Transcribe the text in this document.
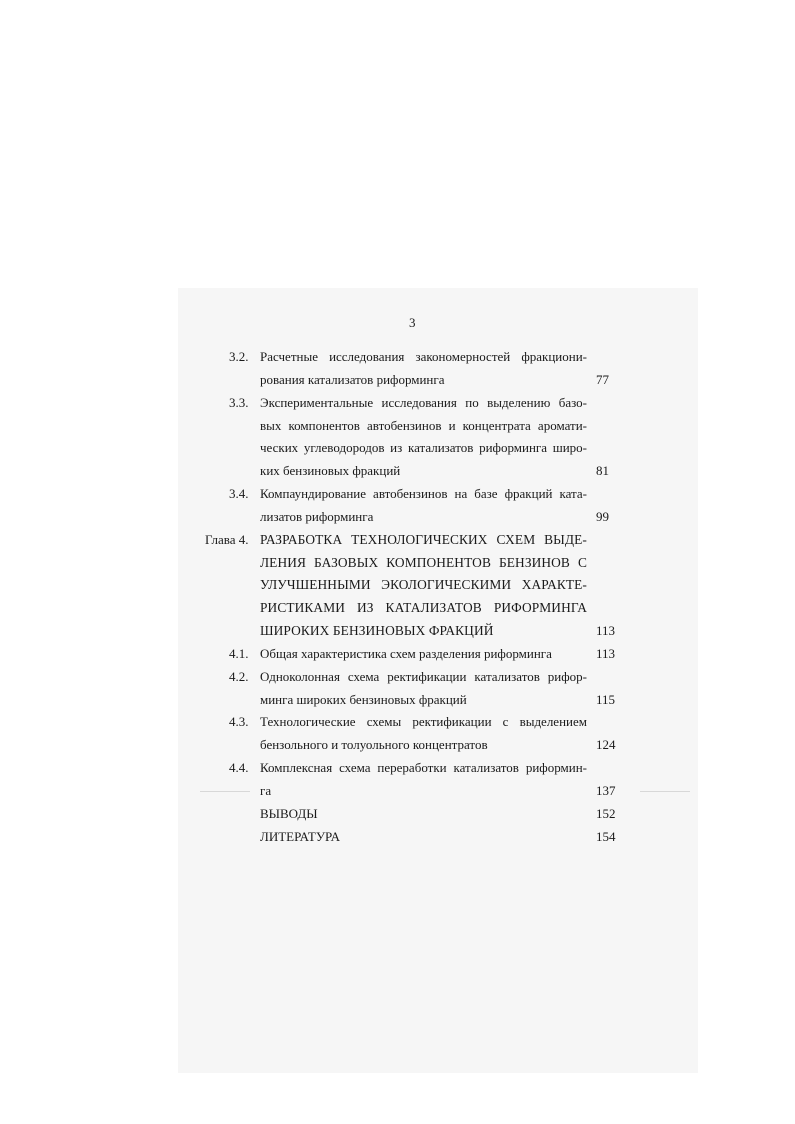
3
3.2. Расчетные исследования закономерностей фракциони-
рования катализатов риформинга	77
3.3. Экспериментальные исследования по выделению базо-
вых компонентов автобензинов и концентрата аромати-
ческих углеводородов из катализатов риформинга широ-
ких бензиновых фракций	81
3.4. Компаундирование автобензинов на базе фракций ката-
лизатов риформинга	99
Глава 4. РАЗРАБОТКА ТЕХНОЛОГИЧЕСКИХ СХЕМ ВЫДЕ-
ЛЕНИЯ БАЗОВЫХ КОМПОНЕНТОВ БЕНЗИНОВ С
УЛУЧШЕННЫМИ ЭКОЛОГИЧЕСКИМИ ХАРАКТЕ-
РИСТИКАМИ ИЗ КАТАЛИЗАТОВ РИФОРМИНГА
ШИРОКИХ БЕНЗИНОВЫХ ФРАКЦИЙ	113
4.1. Общая характеристика схем разделения риформинга	113
4.2. Одноколонная схема ректификации катализатов рифор-
минга широких бензиновых фракций	115
4.3. Технологические схемы ректификации с выделением
бензольного и толуольного концентратов	124
4.4. Комплексная схема переработки катализатов риформин-
га	137
ВЫВОДЫ	152
ЛИТЕРАТУРА	154
